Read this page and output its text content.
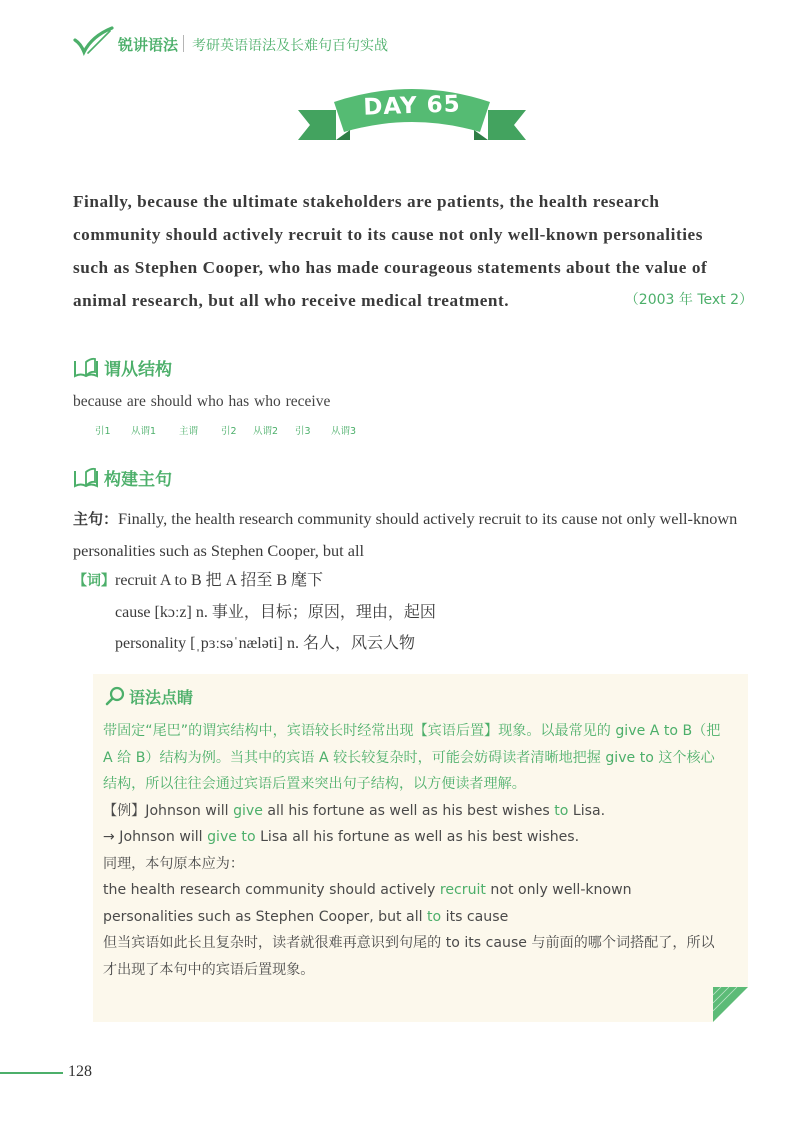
锐讲语法 考研英语语法及长难句百句实战
DAY 65
Finally, because the ultimate stakeholders are patients, the health research
community should actively recruit to its cause not only well-known personalities
such as Stephen Cooper, who has made courageous statements about the value of
animal research, but all who receive medical treatment.	（2003 年 Text 2）
谓从结构
because are should who has who receive
引1 从谓1 主谓 引2 从谓2 引3 从谓3
构建主句
主句：Finally, the health research community should actively recruit to its cause not only well-known personalities such as Stephen Cooper, but all
【词】recruit A to B 把 A 招至 B 麾下
cause [kɔːz] n. 事业，目标；原因，理由，起因
personality [ˌpɜːsəˈnæləti] n. 名人，风云人物
语法点睛
带固定“尾巴”的谓宾结构中，宾语较长时经常出现【宾语后置】现象。以最常见的 give A to B（把 A 给 B）结构为例。当其中的宾语 A 较长较复杂时，可能会妨碍读者清晰地把握 give to 这个核心结构，所以往往会通过宾语后置来突出句子结构，以方便读者理解。
【例】Johnson will give all his fortune as well as his best wishes to Lisa.
→ Johnson will give to Lisa all his fortune as well as his best wishes.
同理，本句原本应为：
the health research community should actively recruit not only well-known personalities such as Stephen Cooper, but all to its cause
但当宾语如此长且复杂时，读者就很难再意识到句尾的 to its cause 与前面的哪个词搭配了，所以才出现了本句中的宾语后置现象。
128
